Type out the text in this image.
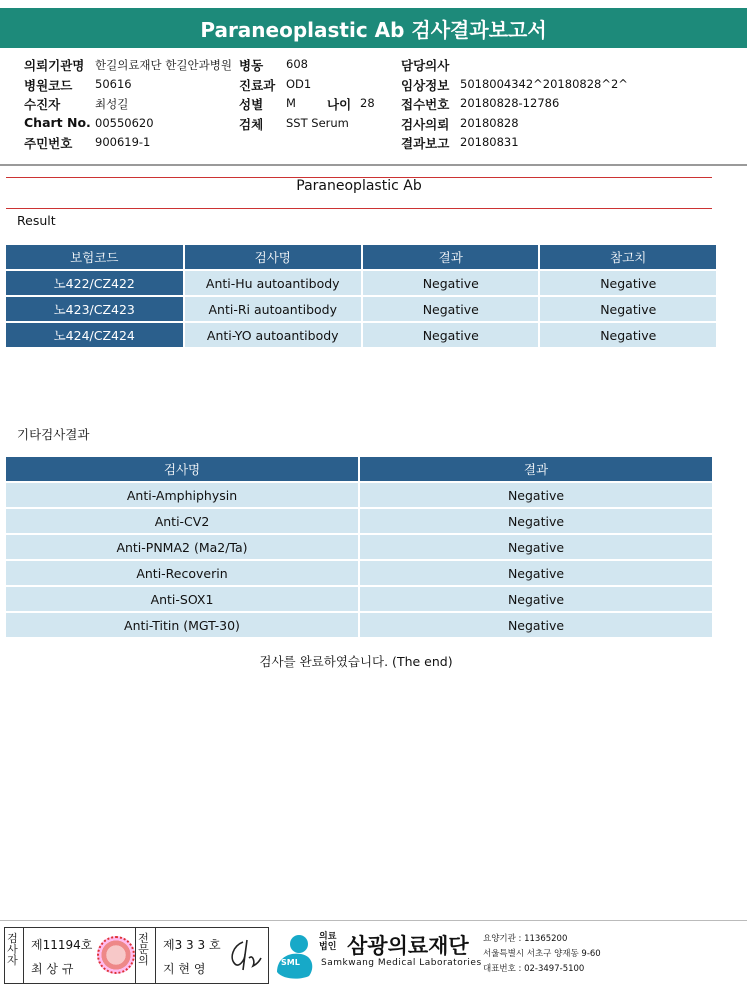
Paraneoplastic Ab 검사결과보고서
의뢰기관명 한길의료재단 한길안과병원 병동 608	담당의사
병원코드 50616	진료과 OD1	임상정보 5018004342^20180828^2^
수진자	최성길	성별 M 나이 28 접수번호 20180828-12786
Chart No. 00550620	검체 SST Serum	검사의뢰 20180828
주민번호 900619-1	결과보고 20180831
Paraneoplastic Ab
Result
보험코드	검사명	결과	참고치
노422/CZ422	Anti-Hu autoantibody	Negative	Negative
노423/CZ423	Anti-Ri autoantibody	Negative	Negative
노424/CZ424	Anti-YO autoantibody	Negative	Negative
기타검사결과
검사명	결과
Anti-Amphiphysin	Negative
Anti-CV2	Negative
Anti-PNMA2 (Ma2/Ta)	Negative
Anti-Recoverin	Negative
Anti-SOX1	Negative
Anti-Titin (MGT-30)	Negative
검사를 완료하였습니다. (The end)
검사자
제11194호
최 상 규
전문의
제3 3 3 호
지 현 영	SML
의료
법인 삼광의료재단
Samkwang Medical Laboratories
요양기관 : 11365200
서울특별시 서초구 양재동 9-60
대표번호 : 02-3497-5100
